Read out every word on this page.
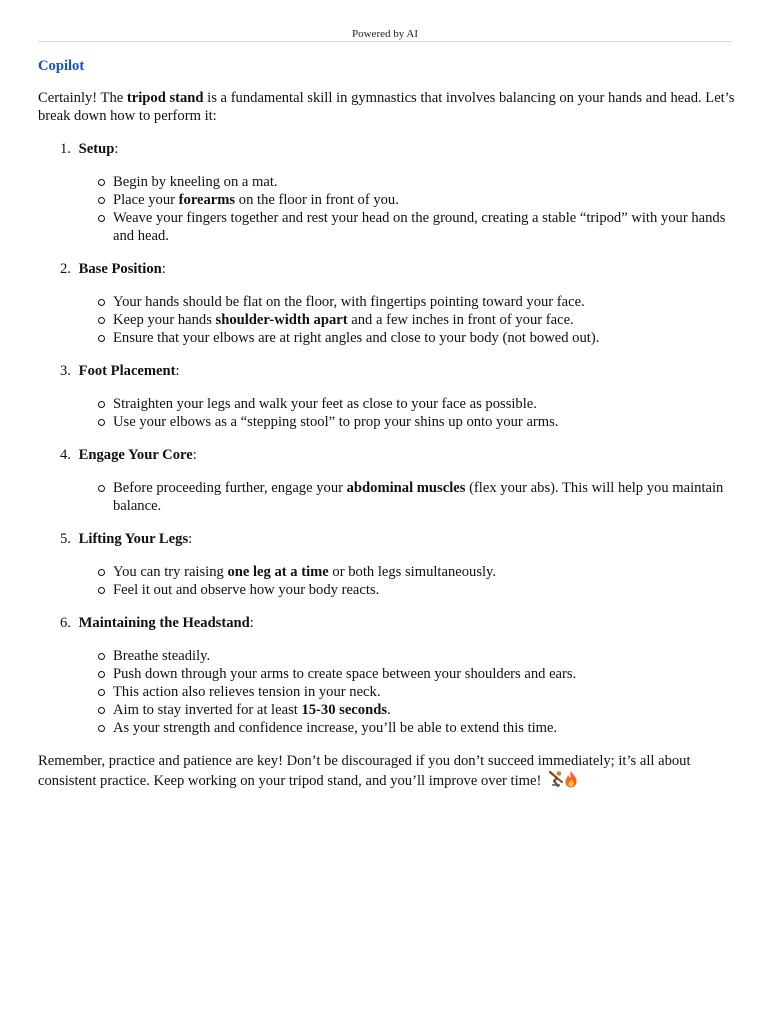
Powered by AI
Copilot

Certainly! The tripod stand is a fundamental skill in gymnastics that involves balancing on your hands and head. Let’s break down how to perform it:

1. Setup:
Begin by kneeling on a mat.
Place your forearms on the floor in front of you.
Weave your fingers together and rest your head on the ground, creating a stable “tripod” with your hands and head.
2. Base Position:
Your hands should be flat on the floor, with fingertips pointing toward your face.
Keep your hands shoulder-width apart and a few inches in front of your face.
Ensure that your elbows are at right angles and close to your body (not bowed out).
3. Foot Placement:
Straighten your legs and walk your feet as close to your face as possible.
Use your elbows as a “stepping stool” to prop your shins up onto your arms.
4. Engage Your Core:
Before proceeding further, engage your abdominal muscles (flex your abs). This will help you maintain balance.
5. Lifting Your Legs:
You can try raising one leg at a time or both legs simultaneously.
Feel it out and observe how your body reacts.
6. Maintaining the Headstand:
Breathe steadily.
Push down through your arms to create space between your shoulders and ears.
This action also relieves tension in your neck.
Aim to stay inverted for at least 15-30 seconds.
As your strength and confidence increase, you’ll be able to extend this time.

Remember, practice and patience are key! Don’t be discouraged if you don’t succeed immediately; it’s all about consistent practice. Keep working on your tripod stand, and you’ll improve over time!
